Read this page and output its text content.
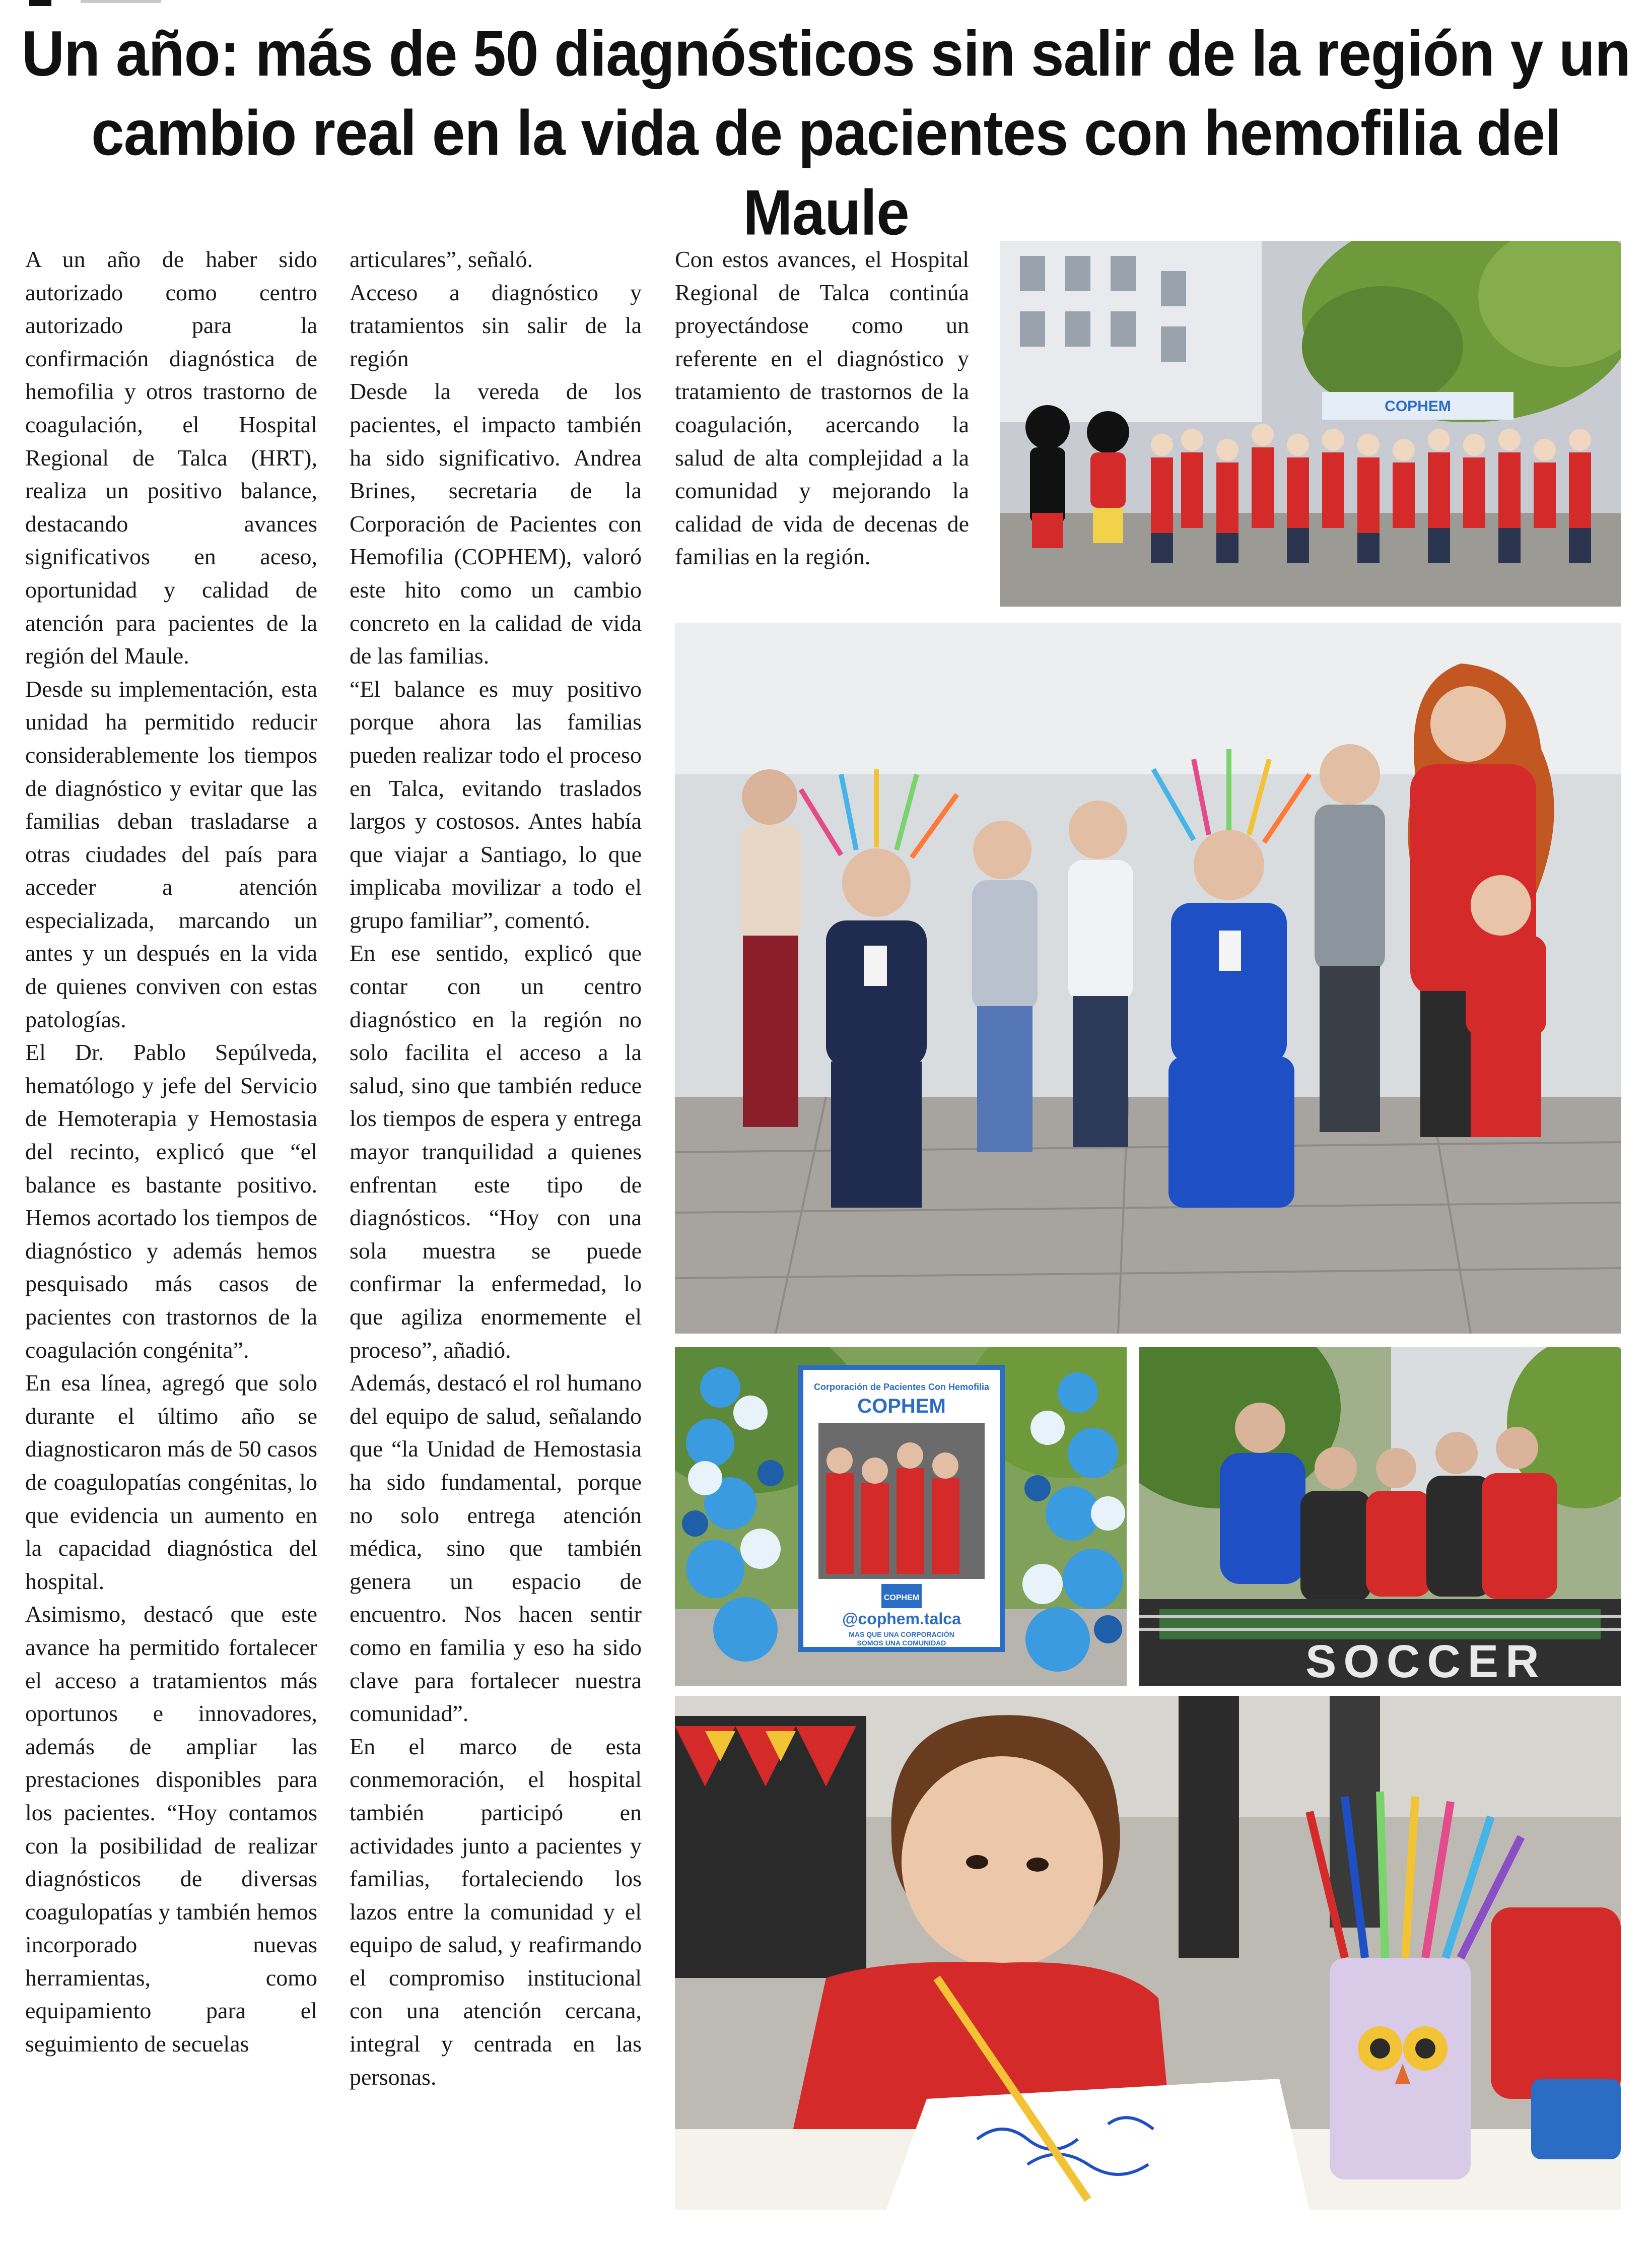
Un año: más de 50 diagnósticos sin salir de la región y un cambio real en la vida de pacientes con hemofilia del Maule

A un año de haber sido autorizado como centro autorizado para la confirmación diagnóstica de hemofilia y otros trastorno de coagulación, el Hospital Regional de Talca (HRT), realiza un positivo balance, destacando avances significativos en aceso, oportunidad y calidad de atención para pacientes de la región del Maule.

Desde su implementación, esta unidad ha permitido reducir considerablemente los tiempos de diagnóstico y evitar que las familias deban trasladarse a otras ciudades del país para acceder a atención especializada, marcando un antes y un después en la vida de quienes conviven con estas patologías.

El Dr. Pablo Sepúlveda, hematólogo y jefe del Servicio de Hemoterapia y Hemostasia del recinto, explicó que “el balance es bastante positivo. Hemos acortado los tiempos de diagnóstico y además hemos pesquisado más casos de pacientes con trastornos de la coagulación congénita”.

En esa línea, agregó que solo durante el último año se diagnosticaron más de 50 casos de coagulopatías congénitas, lo que evidencia un aumento en la capacidad diagnóstica del hospital.

Asimismo, destacó que este avance ha permitido fortalecer el acceso a tratamientos más oportunos e innovadores, además de ampliar las prestaciones disponibles para los pacientes. “Hoy contamos con la posibilidad de realizar diagnósticos de diversas coagulopatías y también hemos incorporado nuevas herramientas, como equipamiento para el seguimiento de secuelas

articulares”, señaló.

Acceso a diagnóstico y tratamientos sin salir de la región

Desde la vereda de los pacientes, el impacto también ha sido significativo. Andrea Brines, secretaria de la Corporación de Pacientes con Hemofilia (COPHEM), valoró este hito como un cambio concreto en la calidad de vida de las familias.

“El balance es muy positivo porque ahora las familias pueden realizar todo el proceso en Talca, evitando traslados largos y costosos. Antes había que viajar a Santiago, lo que implicaba movilizar a todo el grupo familiar”, comentó.

En ese sentido, explicó que contar con un centro diagnóstico en la región no solo facilita el acceso a la salud, sino que también reduce los tiempos de espera y entrega mayor tranquilidad a quienes enfrentan este tipo de diagnósticos. “Hoy con una sola muestra se puede confirmar la enfermedad, lo que agiliza enormemente el proceso”, añadió.

Además, destacó el rol humano del equipo de salud, señalando que “la Unidad de Hemostasia ha sido fundamental, porque no solo entrega atención médica, sino que también genera un espacio de encuentro. Nos hacen sentir como en familia y eso ha sido clave para fortalecer nuestra comunidad”.

En el marco de esta conmemoración, el hospital también participó en actividades junto a pacientes y familias, fortaleciendo los lazos entre la comunidad y el equipo de salud, y reafirmando el compromiso institucional con una atención cercana, integral y centrada en las personas.

Con estos avances, el Hospital Regional de Talca continúa proyectándose como un referente en el diagnóstico y tratamiento de trastornos de la coagulación, acercando la salud de alta complejidad a la comunidad y mejorando la calidad de vida de decenas de familias en la región.

COPHEM
Corporación de Pacientes Con Hemofilia
COPHEM
COPHEM
@cophem.talca
MAS QUE UNA CORPORACIÓN
SOMOS UNA COMUNIDAD	SOCCER
